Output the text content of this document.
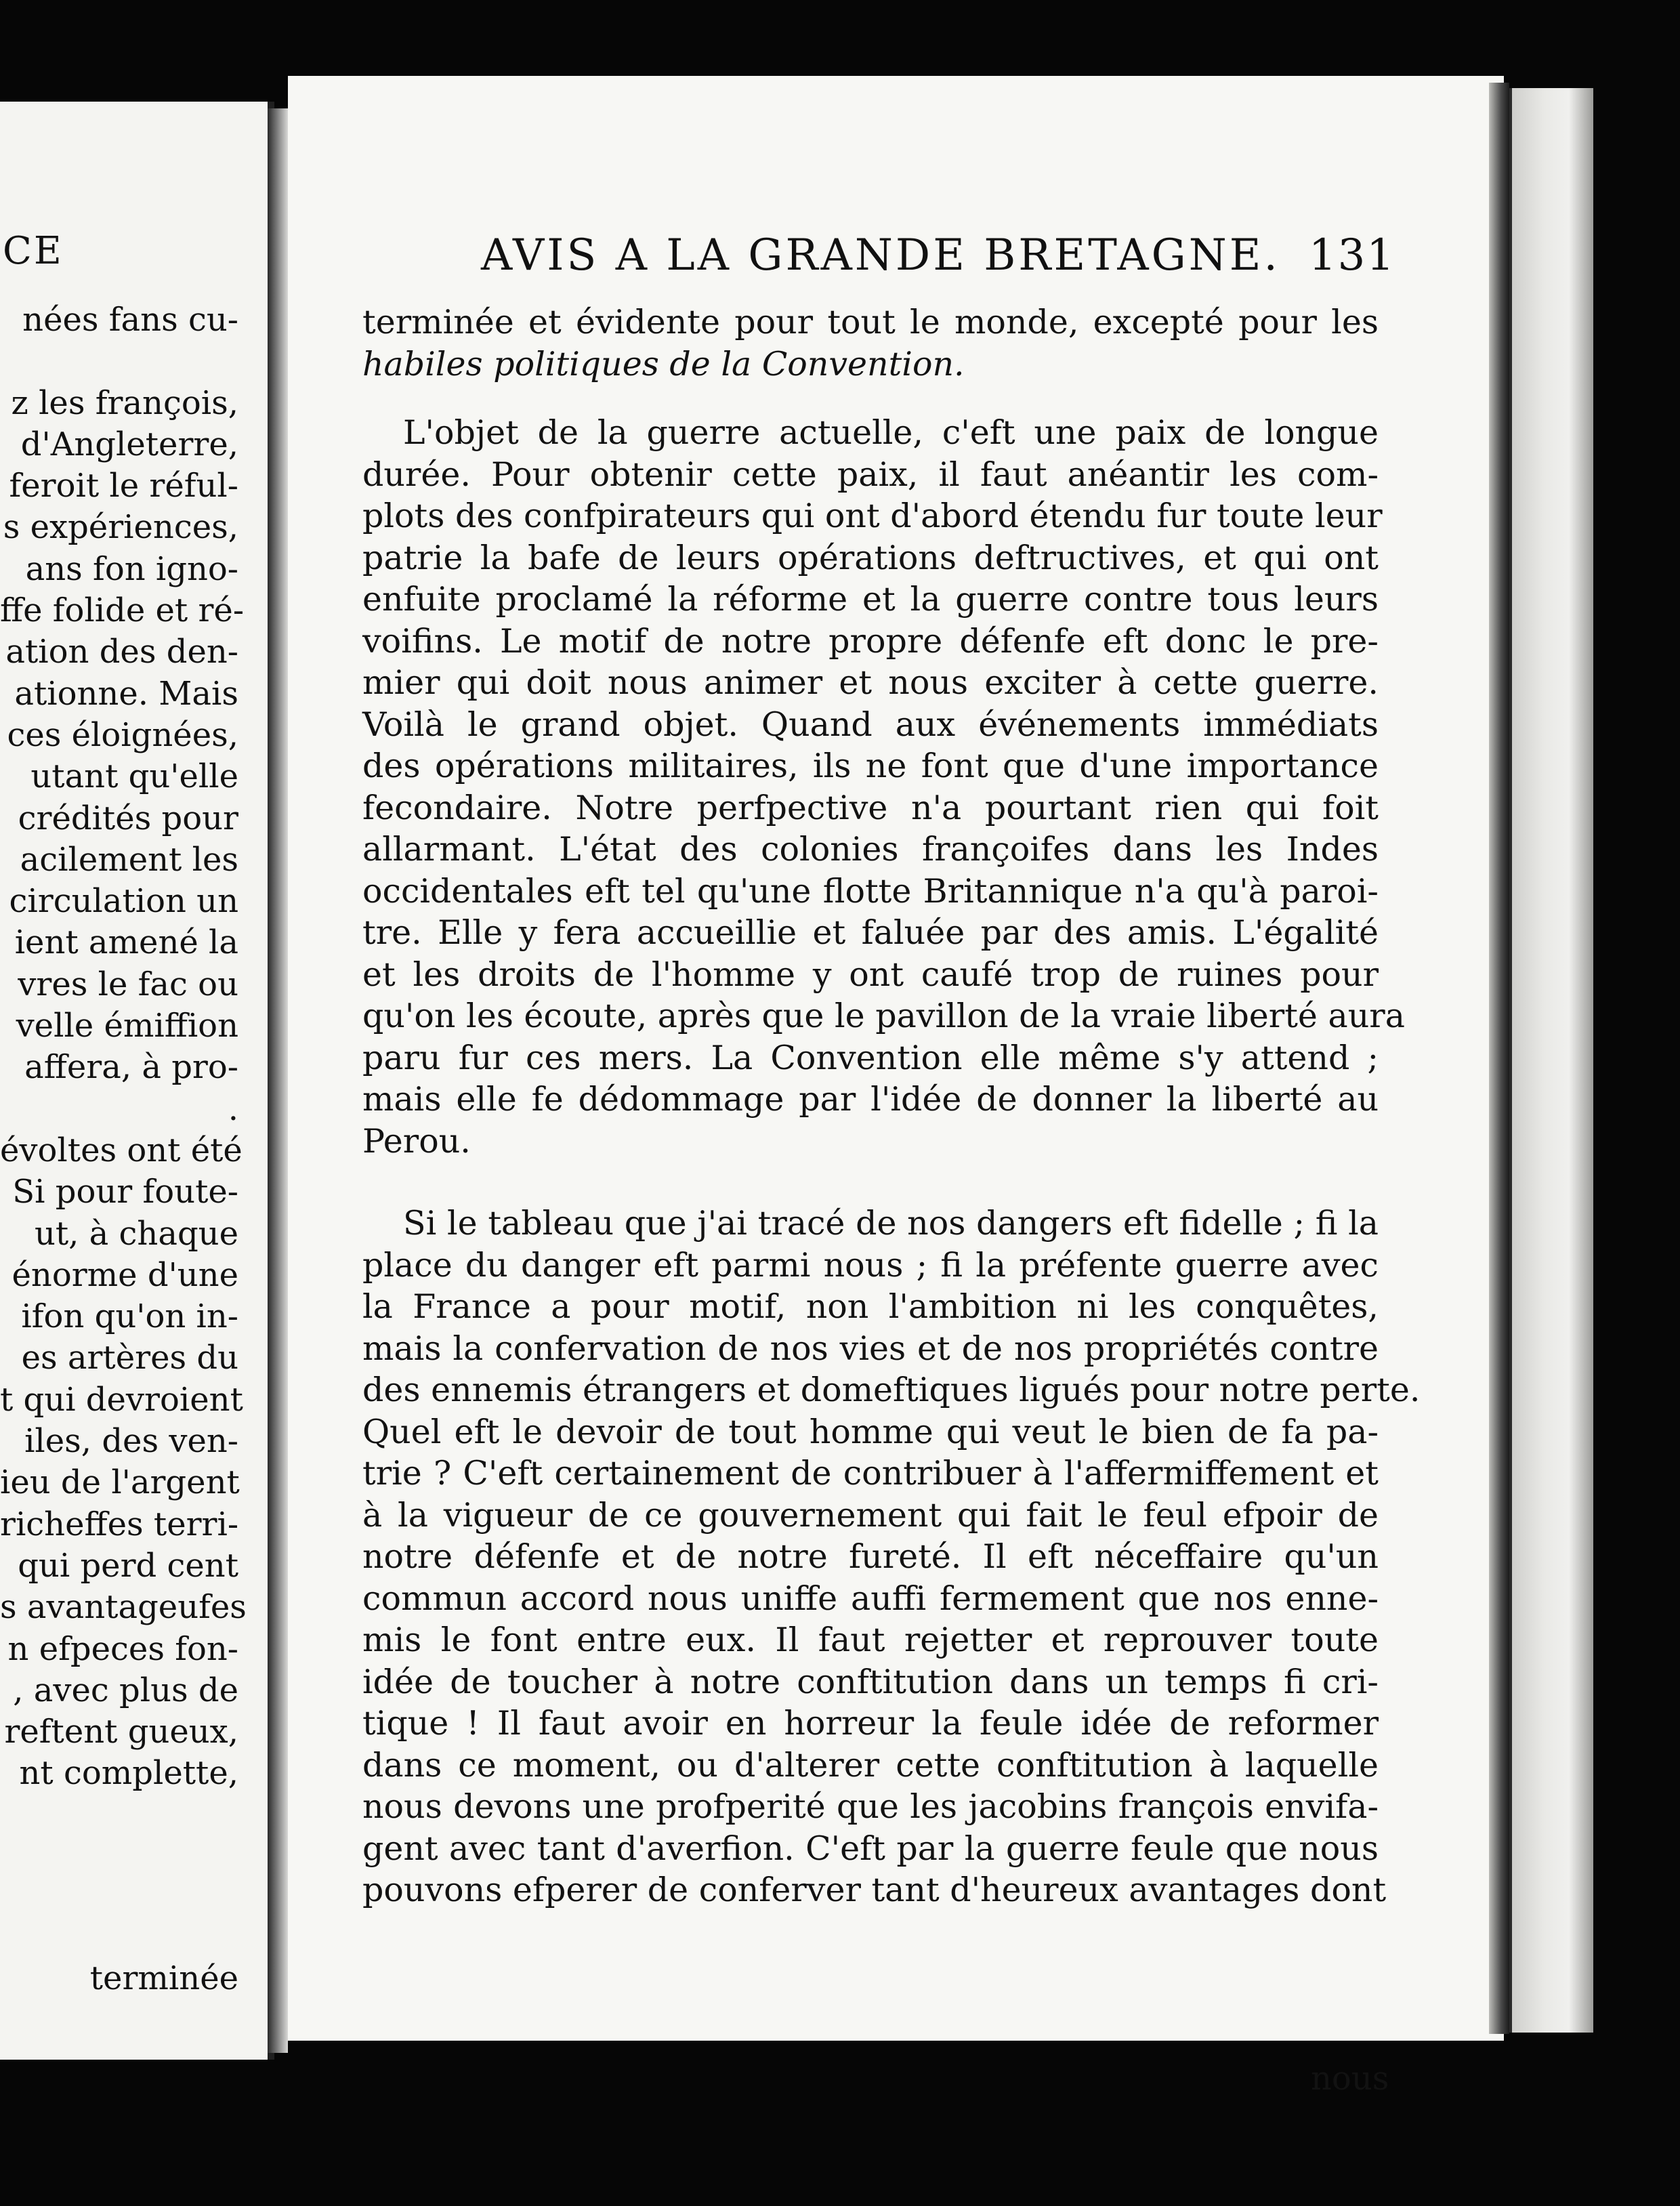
CE
nées fans cu-

z les françois,
d'Angleterre,
feroit le réful-
s expériences,
ans fon igno-
ffe folide et ré-
ation des den-
ationne. Mais
ces éloignées,
utant qu'elle
crédités pour
acilement les
circulation un
ient amené la
vres le fac ou
velle émiffion
affera, à pro-
.
évoltes ont été
Si pour foute-
ut, à chaque
énorme d'une
ifon qu'on in-
es artères du
t qui devroient
iles, des ven-
ieu de l'argent
richeffes terri-
qui perd cent
s avantageufes
n efpeces fon-
, avec plus de
reftent gueux,
nt complette,
terminée
AVIS A LA GRANDE BRETAGNE. 131
terminée et évidente pour tout le monde, excepté pour les
habiles politiques de la Convention.
L'objet de la guerre actuelle, c'eft une paix de longue
durée. Pour obtenir cette paix, il faut anéantir les com-
plots des confpirateurs qui ont d'abord étendu fur toute leur
patrie la bafe de leurs opérations deftructives, et qui ont
enfuite proclamé la réforme et la guerre contre tous leurs
voifins. Le motif de notre propre défenfe eft donc le pre-
mier qui doit nous animer et nous exciter à cette guerre.
Voilà le grand objet. Quand aux événements immédiats
des opérations militaires, ils ne font que d'une importance
fecondaire. Notre perfpective n'a pourtant rien qui foit
allarmant. L'état des colonies françoifes dans les Indes
occidentales eft tel qu'une flotte Britannique n'a qu'à paroi-
tre. Elle y fera accueillie et faluée par des amis. L'égalité
et les droits de l'homme y ont caufé trop de ruines pour
qu'on les écoute, après que le pavillon de la vraie liberté aura
paru fur ces mers. La Convention elle même s'y attend ;
mais elle fe dédommage par l'idée de donner la liberté au
Perou.
Si le tableau que j'ai tracé de nos dangers eft fidelle ; fi la
place du danger eft parmi nous ; fi la préfente guerre avec
la France a pour motif, non l'ambition ni les conquêtes,
mais la confervation de nos vies et de nos propriétés contre
des ennemis étrangers et domeftiques ligués pour notre perte.
Quel eft le devoir de tout homme qui veut le bien de fa pa-
trie ? C'eft certainement de contribuer à l'affermiffement et
à la vigueur de ce gouvernement qui fait le feul efpoir de
notre défenfe et de notre fureté. Il eft néceffaire qu'un
commun accord nous uniffe auffi fermement que nos enne-
mis le font entre eux. Il faut rejetter et reprouver toute
idée de toucher à notre conftitution dans un temps fi cri-
tique ! Il faut avoir en horreur la feule idée de reformer
dans ce moment, ou d'alterer cette conftitution à laquelle
nous devons une profperité que les jacobins françois envifa-
gent avec tant d'averfion. C'eft par la guerre feule que nous
pouvons efperer de conferver tant d'heureux avantages dont
nous
